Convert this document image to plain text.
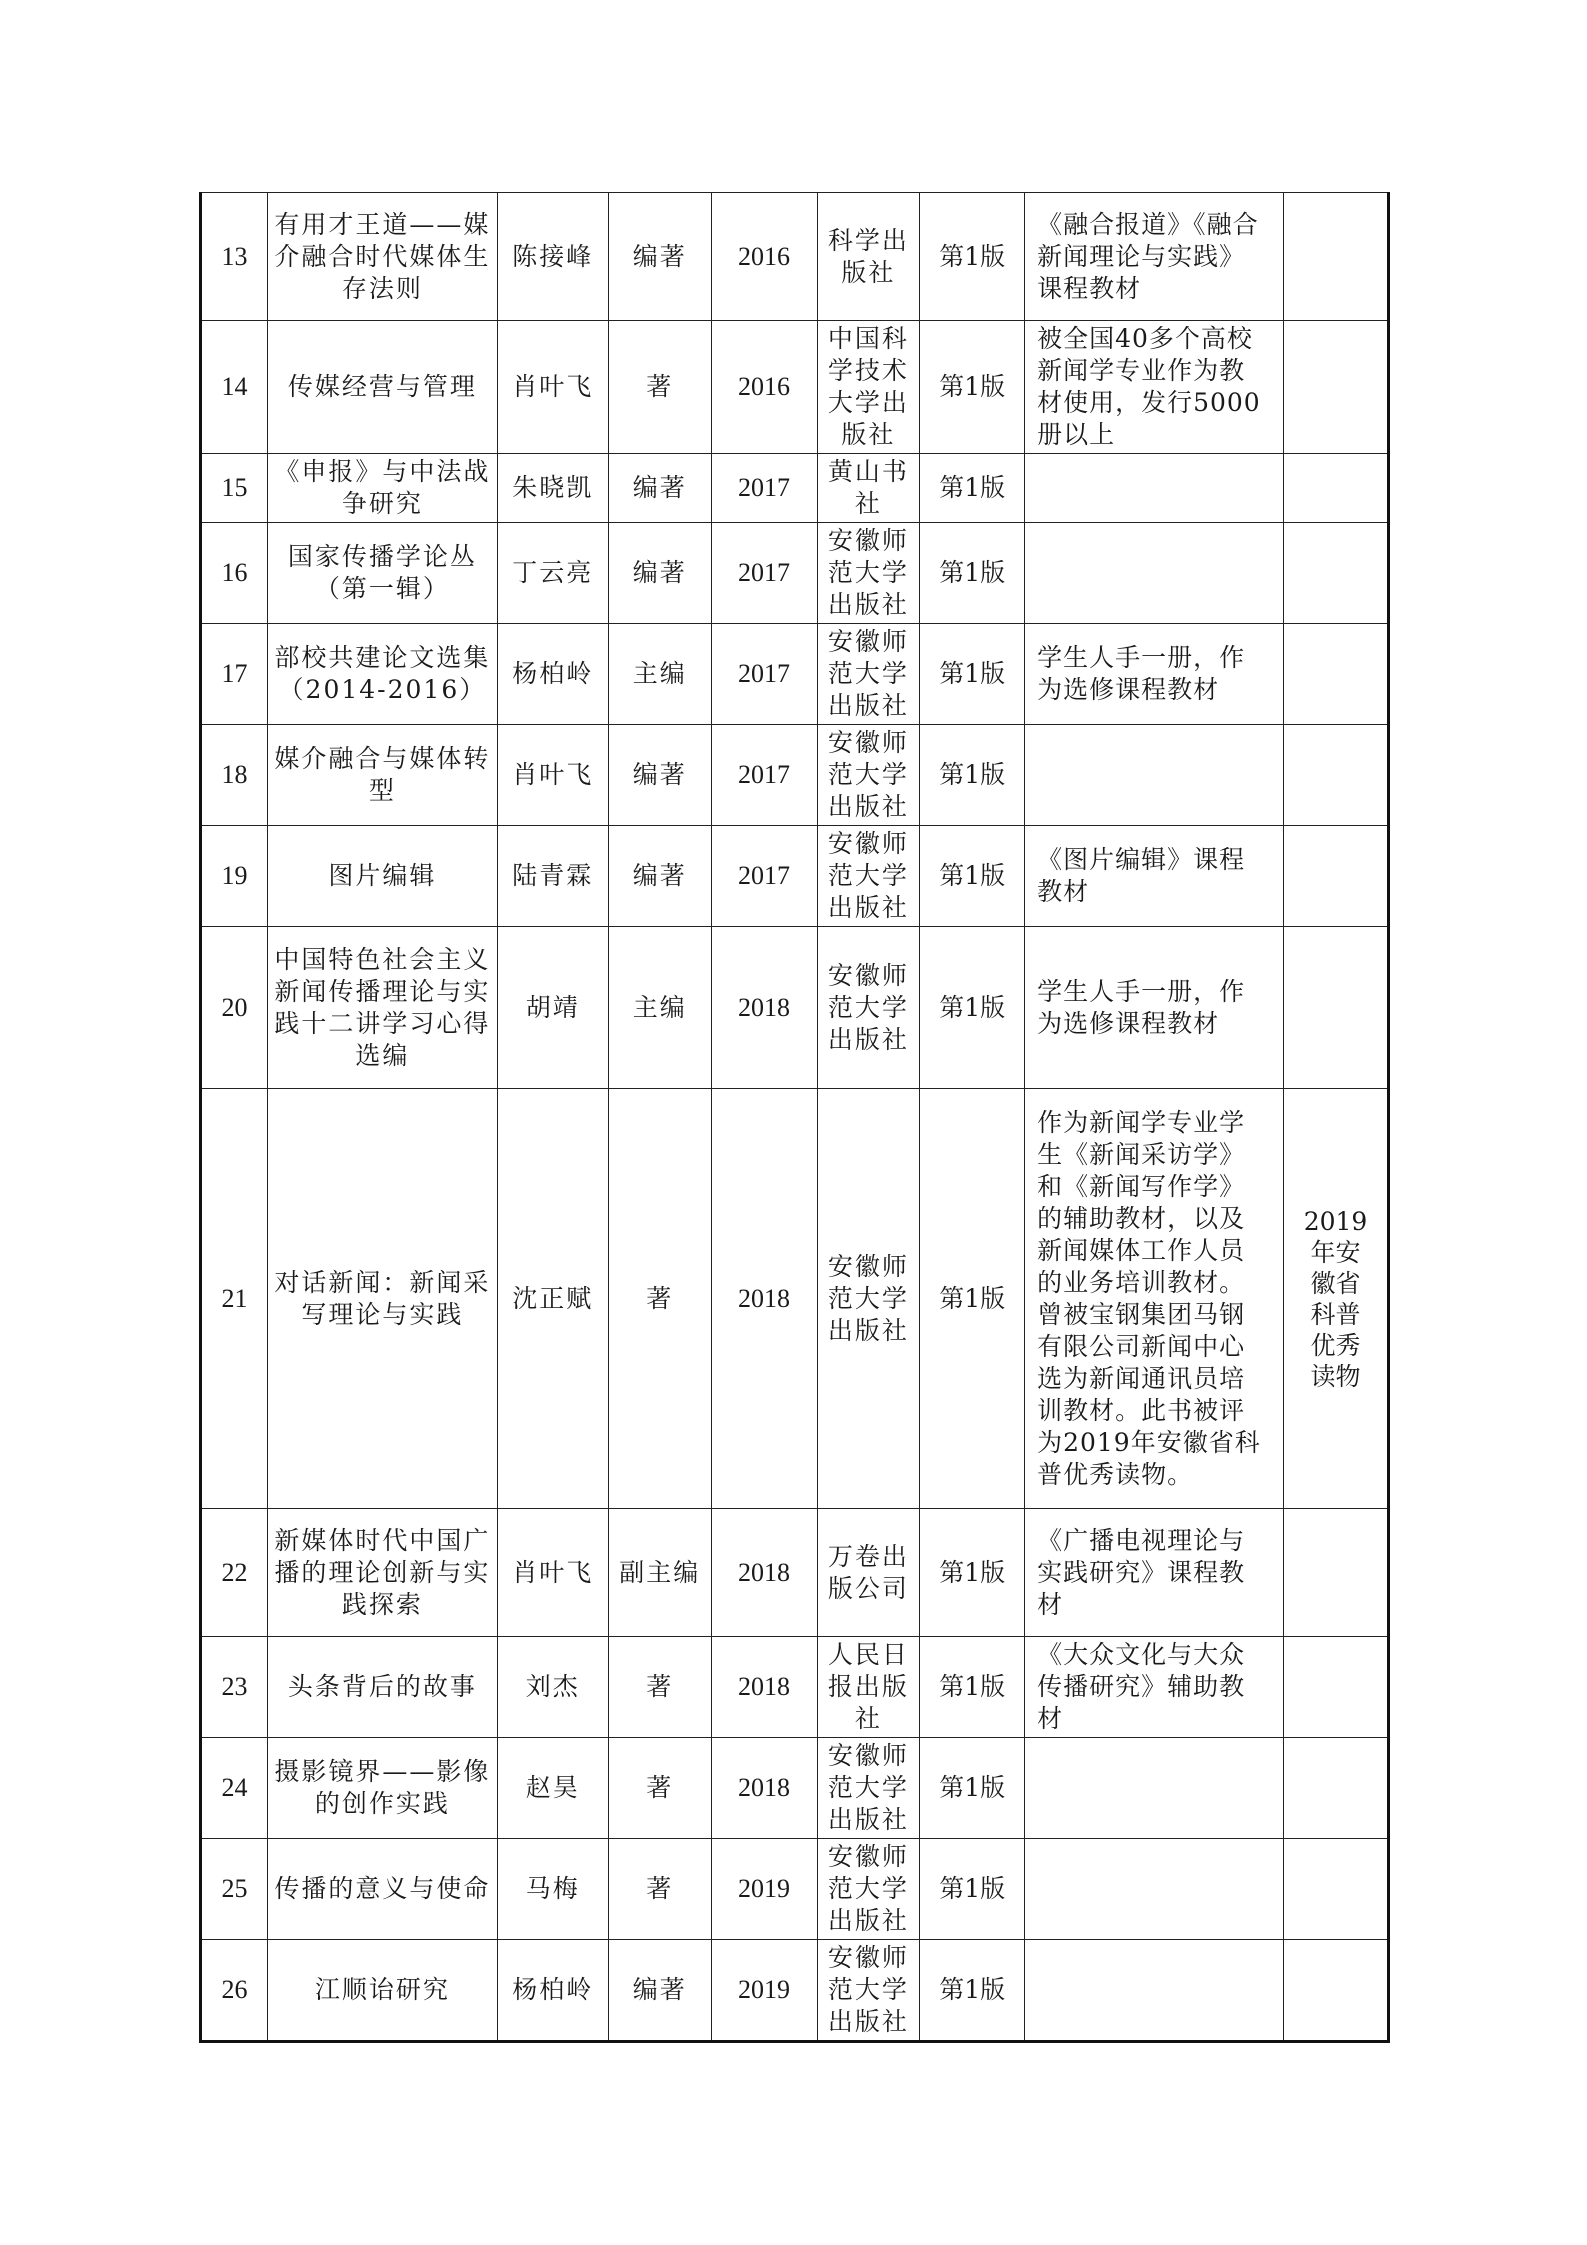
13	有用才王道——媒介融合时代媒体生存法则	陈接峰	编著	2016	科学出版社	第1版	《融合报道》《融合新闻理论与实践》课程教材	
14	传媒经营与管理	肖叶飞	著	2016	中国科学技术大学出版社	第1版	被全国40多个高校新闻学专业作为教材使用，发行5000册以上	
15	《申报》与中法战争研究	朱晓凯	编著	2017	黄山书社	第1版		
16	国家传播学论丛（第一辑）	丁云亮	编著	2017	安徽师范大学出版社	第1版		
17	部校共建论文选集（2014-2016）	杨柏岭	主编	2017	安徽师范大学出版社	第1版	学生人手一册，作为选修课程教材	
18	媒介融合与媒体转型	肖叶飞	编著	2017	安徽师范大学出版社	第1版		
19	图片编辑	陆青霖	编著	2017	安徽师范大学出版社	第1版	《图片编辑》课程教材	
20	中国特色社会主义新闻传播理论与实践十二讲学习心得选编	胡靖	主编	2018	安徽师范大学出版社	第1版	学生人手一册，作为选修课程教材	
21	对话新闻：新闻采写理论与实践	沈正赋	著	2018	安徽师范大学出版社	第1版	作为新闻学专业学生《新闻采访学》和《新闻写作学》的辅助教材，以及新闻媒体工作人员的业务培训教材。曾被宝钢集团马钢有限公司新闻中心选为新闻通讯员培训教材。此书被评为2019年安徽省科普优秀读物。	2019年安徽省科普优秀读物
22	新媒体时代中国广播的理论创新与实践探索	肖叶飞	副主编	2018	万卷出版公司	第1版	《广播电视理论与实践研究》课程教材	
23	头条背后的故事	刘杰	著	2018	人民日报出版社	第1版	《大众文化与大众传播研究》辅助教材	
24	摄影镜界——影像的创作实践	赵昊	著	2018	安徽师范大学出版社	第1版		
25	传播的意义与使命	马梅	著	2019	安徽师范大学出版社	第1版		
26	江顺诒研究	杨柏岭	编著	2019	安徽师范大学出版社	第1版		
